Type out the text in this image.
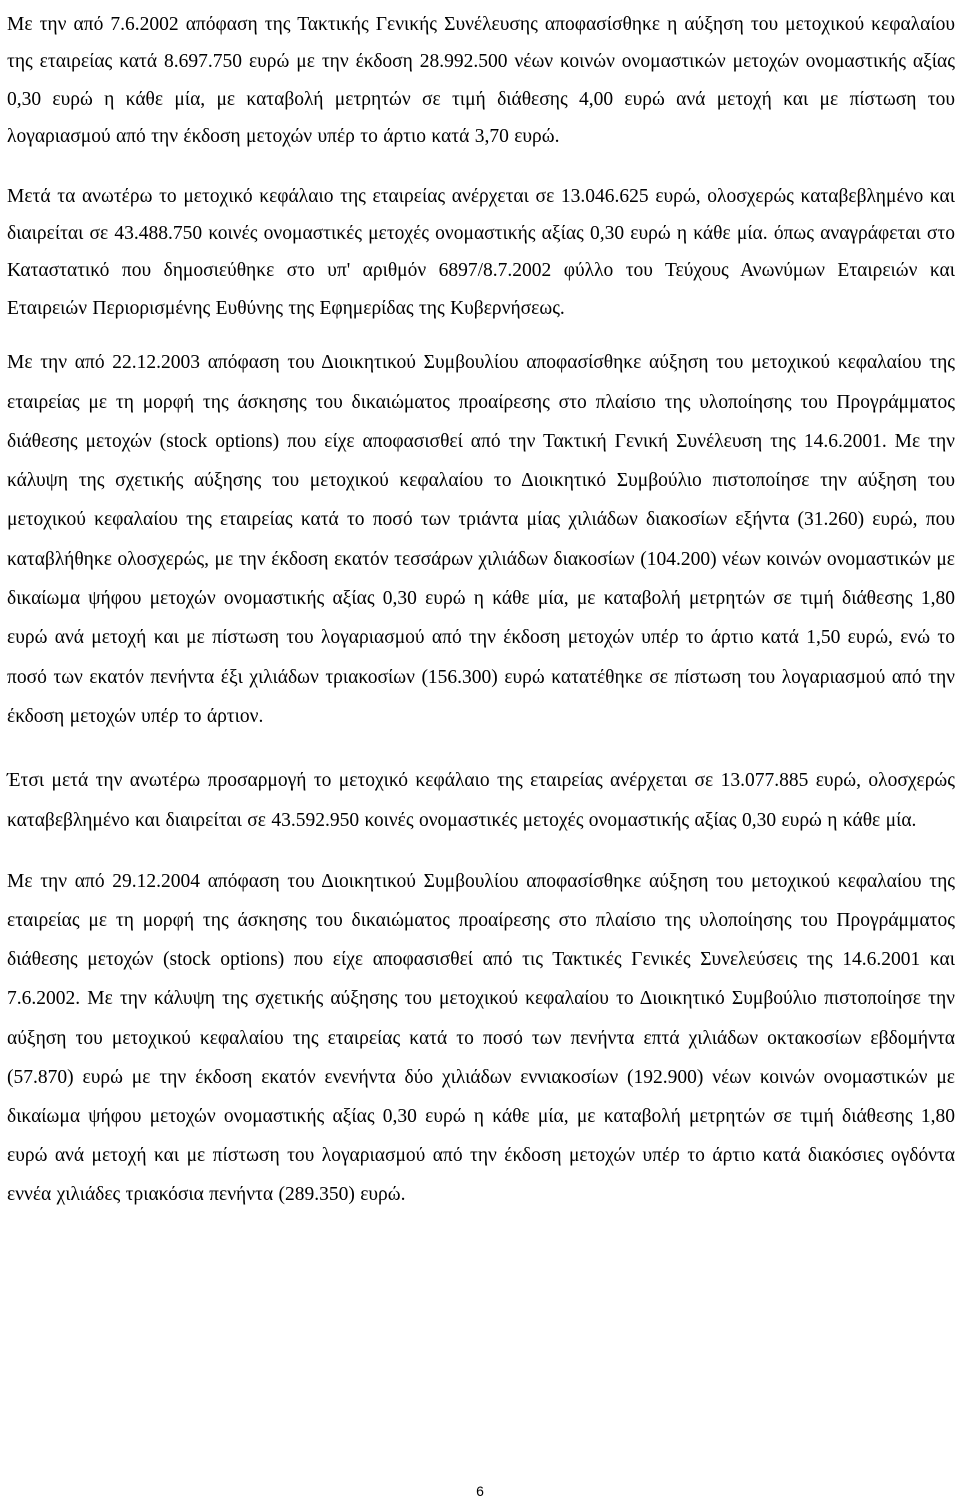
Με την από 7.6.2002 απόφαση της Τακτικής Γενικής Συνέλευσης αποφασίσθηκε η αύξηση του μετοχικού κεφαλαίου της εταιρείας κατά 8.697.750 ευρώ με την έκδοση 28.992.500 νέων κοινών ονομαστικών μετοχών ονομαστικής αξίας 0,30 ευρώ η κάθε μία, με καταβολή μετρητών σε τιμή διάθεσης 4,00 ευρώ ανά μετοχή και με πίστωση του λογαριασμού από την έκδοση μετοχών υπέρ το άρτιο κατά 3,70 ευρώ.

Μετά τα ανωτέρω το μετοχικό κεφάλαιο της εταιρείας ανέρχεται σε 13.046.625 ευρώ, ολοσχερώς καταβεβλημένο και διαιρείται σε 43.488.750 κοινές ονομαστικές μετοχές ονομαστικής αξίας 0,30 ευρώ η κάθε μία. όπως αναγράφεται στο Καταστατικό που δημοσιεύθηκε στο υπ' αριθμόν 6897/8.7.2002 φύλλο του Τεύχους Ανωνύμων Εταιρειών και Εταιρειών Περιορισμένης Ευθύνης της Εφημερίδας της Κυβερνήσεως.

Με την από 22.12.2003 απόφαση του Διοικητικού Συμβουλίου αποφασίσθηκε αύξηση του μετοχικού κεφαλαίου της εταιρείας με τη μορφή της άσκησης του δικαιώματος προαίρεσης στο πλαίσιο της υλοποίησης του Προγράμματος διάθεσης μετοχών (stock options) που είχε αποφασισθεί από την Τακτική Γενική Συνέλευση της 14.6.2001. Με την κάλυψη της σχετικής αύξησης του μετοχικού κεφαλαίου το Διοικητικό Συμβούλιο πιστοποίησε την αύξηση του μετοχικού κεφαλαίου της εταιρείας κατά το ποσό των τριάντα μίας χιλιάδων διακοσίων εξήντα (31.260) ευρώ, που καταβλήθηκε ολοσχερώς, με την έκδοση εκατόν τεσσάρων χιλιάδων διακοσίων (104.200) νέων κοινών ονομαστικών με δικαίωμα ψήφου μετοχών ονομαστικής αξίας 0,30 ευρώ η κάθε μία, με καταβολή μετρητών σε τιμή διάθεσης 1,80 ευρώ ανά μετοχή και με πίστωση του λογαριασμού από την έκδοση μετοχών υπέρ το άρτιο κατά 1,50 ευρώ, ενώ το ποσό των εκατόν πενήντα έξι χιλιάδων τριακοσίων (156.300) ευρώ κατατέθηκε σε πίστωση του λογαριασμού από την έκδοση μετοχών υπέρ το άρτιον.

Έτσι μετά την ανωτέρω προσαρμογή το μετοχικό κεφάλαιο της εταιρείας ανέρχεται σε 13.077.885 ευρώ, ολοσχερώς καταβεβλημένο και διαιρείται σε 43.592.950 κοινές ονομαστικές μετοχές ονομαστικής αξίας 0,30 ευρώ η κάθε μία.

Με την από 29.12.2004 απόφαση του Διοικητικού Συμβουλίου αποφασίσθηκε αύξηση του μετοχικού κεφαλαίου της εταιρείας με τη μορφή της άσκησης του δικαιώματος προαίρεσης στο πλαίσιο της υλοποίησης του Προγράμματος διάθεσης μετοχών (stock options) που είχε αποφασισθεί από τις Τακτικές Γενικές Συνελεύσεις της 14.6.2001 και 7.6.2002. Με την κάλυψη της σχετικής αύξησης του μετοχικού κεφαλαίου το Διοικητικό Συμβούλιο πιστοποίησε την αύξηση του μετοχικού κεφαλαίου της εταιρείας κατά το ποσό των πενήντα επτά χιλιάδων οκτακοσίων εβδομήντα (57.870) ευρώ με την έκδοση εκατόν ενενήντα δύο χιλιάδων εννιακοσίων (192.900) νέων κοινών ονομαστικών με δικαίωμα ψήφου μετοχών ονομαστικής αξίας 0,30 ευρώ η κάθε μία, με καταβολή μετρητών σε τιμή διάθεσης 1,80 ευρώ ανά μετοχή και με πίστωση του λογαριασμού από την έκδοση μετοχών υπέρ το άρτιο κατά διακόσιες ογδόντα εννέα χιλιάδες τριακόσια πενήντα (289.350) ευρώ.

6
